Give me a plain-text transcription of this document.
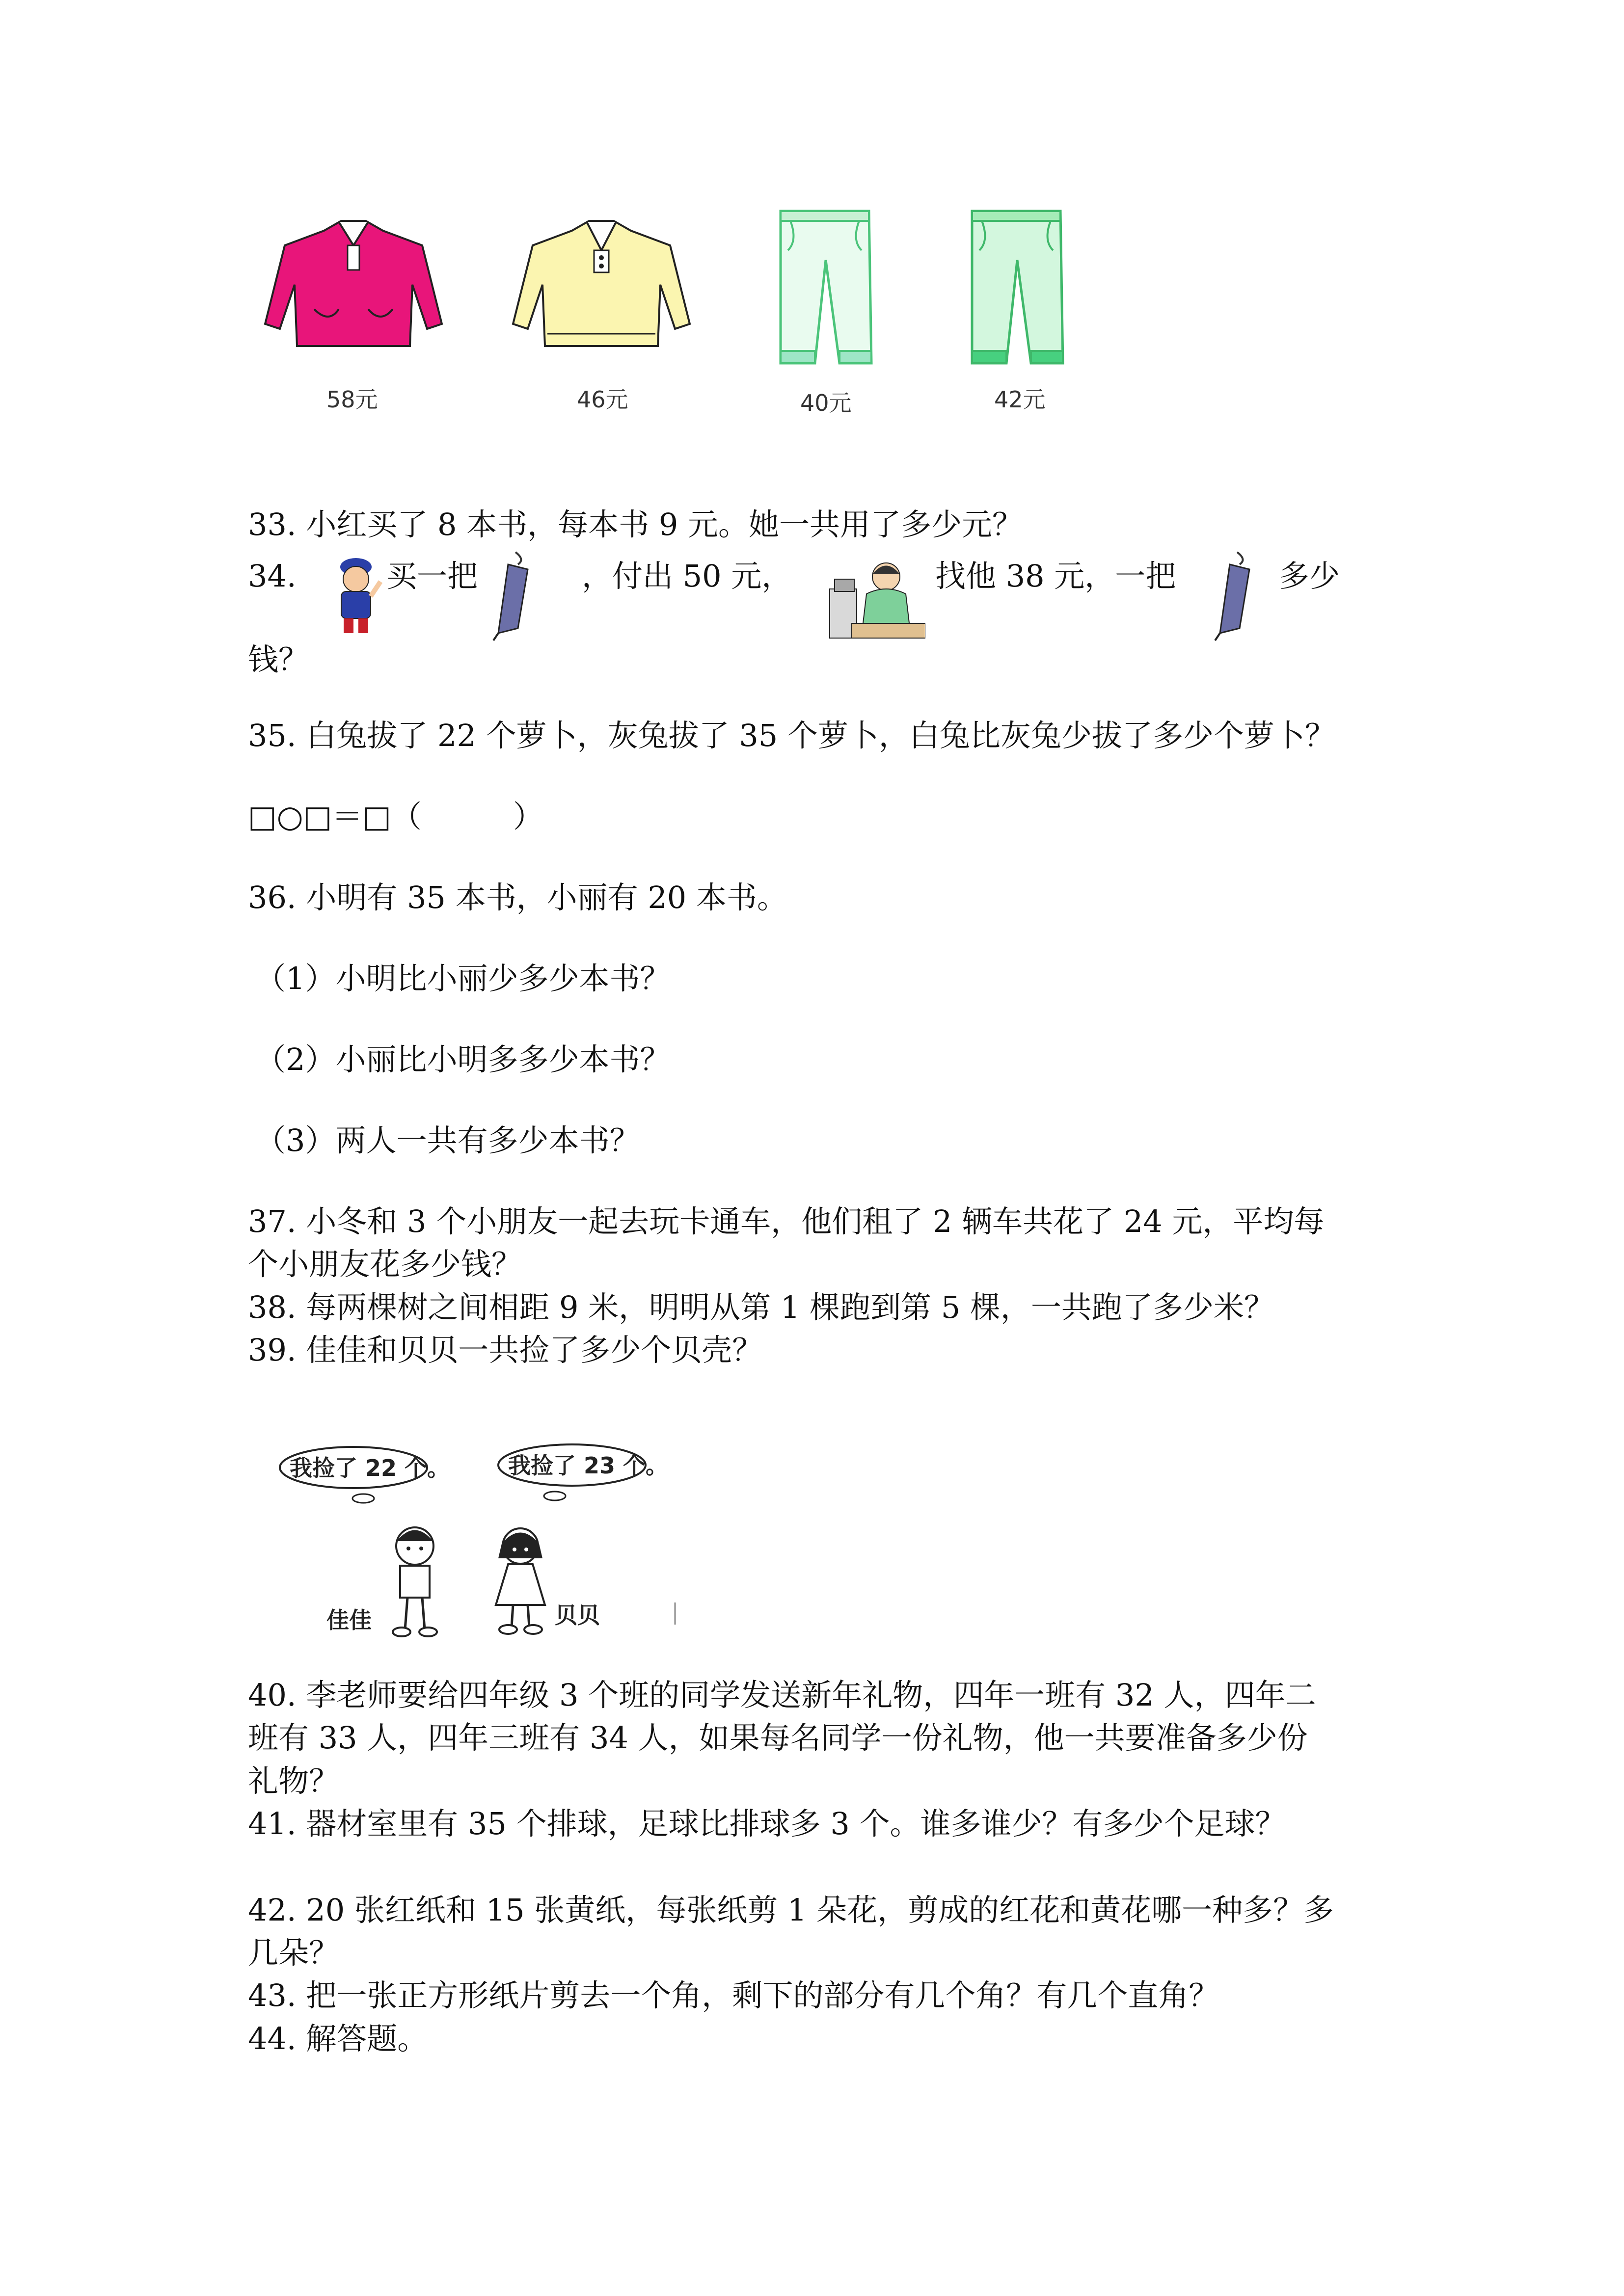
58元	46元	40元	42元
33. 小红买了 8 本书，每本书 9 元。她一共用了多少元？
34.	买一把	，付出 50 元，	找他 38 元，一把	多少
钱？
35. 白兔拔了 22 个萝卜，灰兔拔了 35 个萝卜，白兔比灰兔少拔了多少个萝卜？
□○□＝□（　　　）
36. 小明有 35 本书，小丽有 20 本书。
（1）小明比小丽少多少本书？
（2）小丽比小明多多少本书？
（3）两人一共有多少本书？
37. 小冬和 3 个小朋友一起去玩卡通车，他们租了 2 辆车共花了 24 元，平均每
个小朋友花多少钱？
38. 每两棵树之间相距 9 米，明明从第 1 棵跑到第 5 棵，一共跑了多少米？
39. 佳佳和贝贝一共捡了多少个贝壳？
我捡了 22 个。	我捡了 23 个。
佳佳	贝贝
40. 李老师要给四年级 3 个班的同学发送新年礼物，四年一班有 32 人，四年二
班有 33 人，四年三班有 34 人，如果每名同学一份礼物，他一共要准备多少份
礼物？
41. 器材室里有 35 个排球，足球比排球多 3 个。谁多谁少？有多少个足球？
42. 20 张红纸和 15 张黄纸，每张纸剪 1 朵花，剪成的红花和黄花哪一种多？多
几朵？
43. 把一张正方形纸片剪去一个角，剩下的部分有几个角？有几个直角？
44. 解答题。
